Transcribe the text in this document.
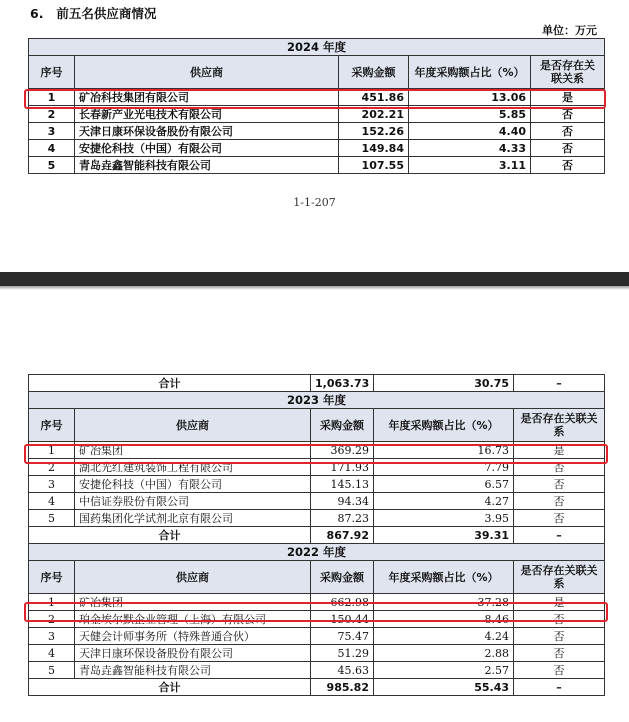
6. 前五名供应商情况
单位：万元
2024 年度				
序号	供应商	采购金额	年度采购额占比（%）	是否存在关联关系
1	矿冶科技集团有限公司	451.86	13.06	是
2	长春新产业光电技术有限公司	202.21	5.85	否
3	天津日康环保设备股份有限公司	152.26	4.40	否
4	安捷伦科技（中国）有限公司	149.84	4.33	否
5	青岛垚鑫智能科技有限公司	107.55	3.11	否
1-1-207
合计		1,063.73	30.75	–
2023 年度				
序号	供应商	采购金额	年度采购额占比（%）	是否存在关联关系
1	矿冶集团	369.29	16.73	是
2	湖北光红建筑装饰工程有限公司	171.93	7.79	否
3	安捷伦科技（中国）有限公司	145.13	6.57	否
4	中信证券股份有限公司	94.34	4.27	否
5	国药集团化学试剂北京有限公司	87.23	3.95	否
合计		867.92	39.31	–
2022 年度				
序号	供应商	采购金额	年度采购额占比（%）	是否存在关联关系
1	矿冶集团	662.98	37.28	是
2	珀金埃尔默企业管理（上海）有限公司	150.44	8.46	否
3	天健会计师事务所（特殊普通合伙）	75.47	4.24	否
4	天津日康环保设备股份有限公司	51.29	2.88	否
5	青岛垚鑫智能科技有限公司	45.63	2.57	否
合计		985.82	55.43	–
